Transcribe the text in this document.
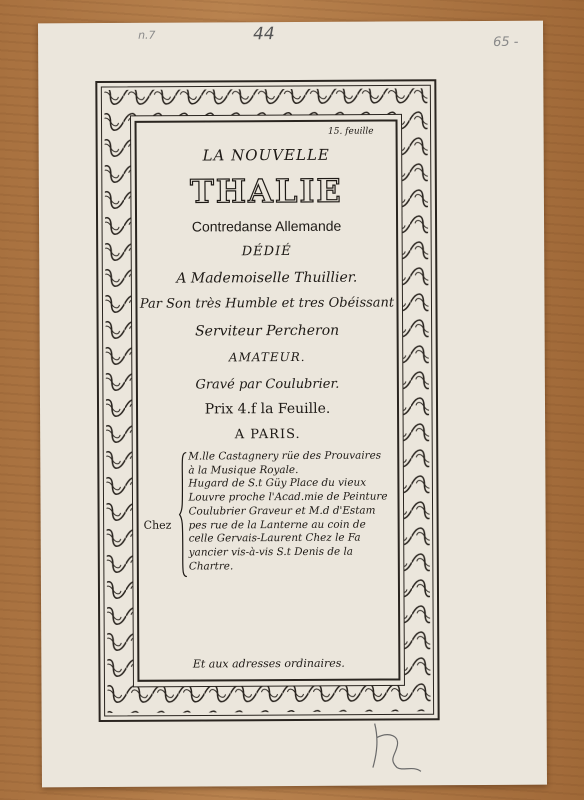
n.7	44	65 -
15. feuille
LA NOUVELLE
THALIE
Contredanse Allemande
DÉDIÉ
A Mademoiselle Thuillier.
Par Son très Humble et tres Obéissant
Serviteur Percheron
AMATEUR.
Gravé par Coulubrier.
Prix 4.f la Feuille.
A PARIS.
Chez
M.lle Castagnery rüe des Prouvaires
à la Musique Royale.
Hugard de S.t Güy Place du vieux
Louvre proche l'Acad.mie de Peinture
Coulubrier Graveur et M.d d'Estam
pes rue de la Lanterne au coin de
celle Gervais-Laurent Chez le Fa
yancier vis-à-vis S.t Denis de la
Chartre.
Et aux adresses ordinaires.
